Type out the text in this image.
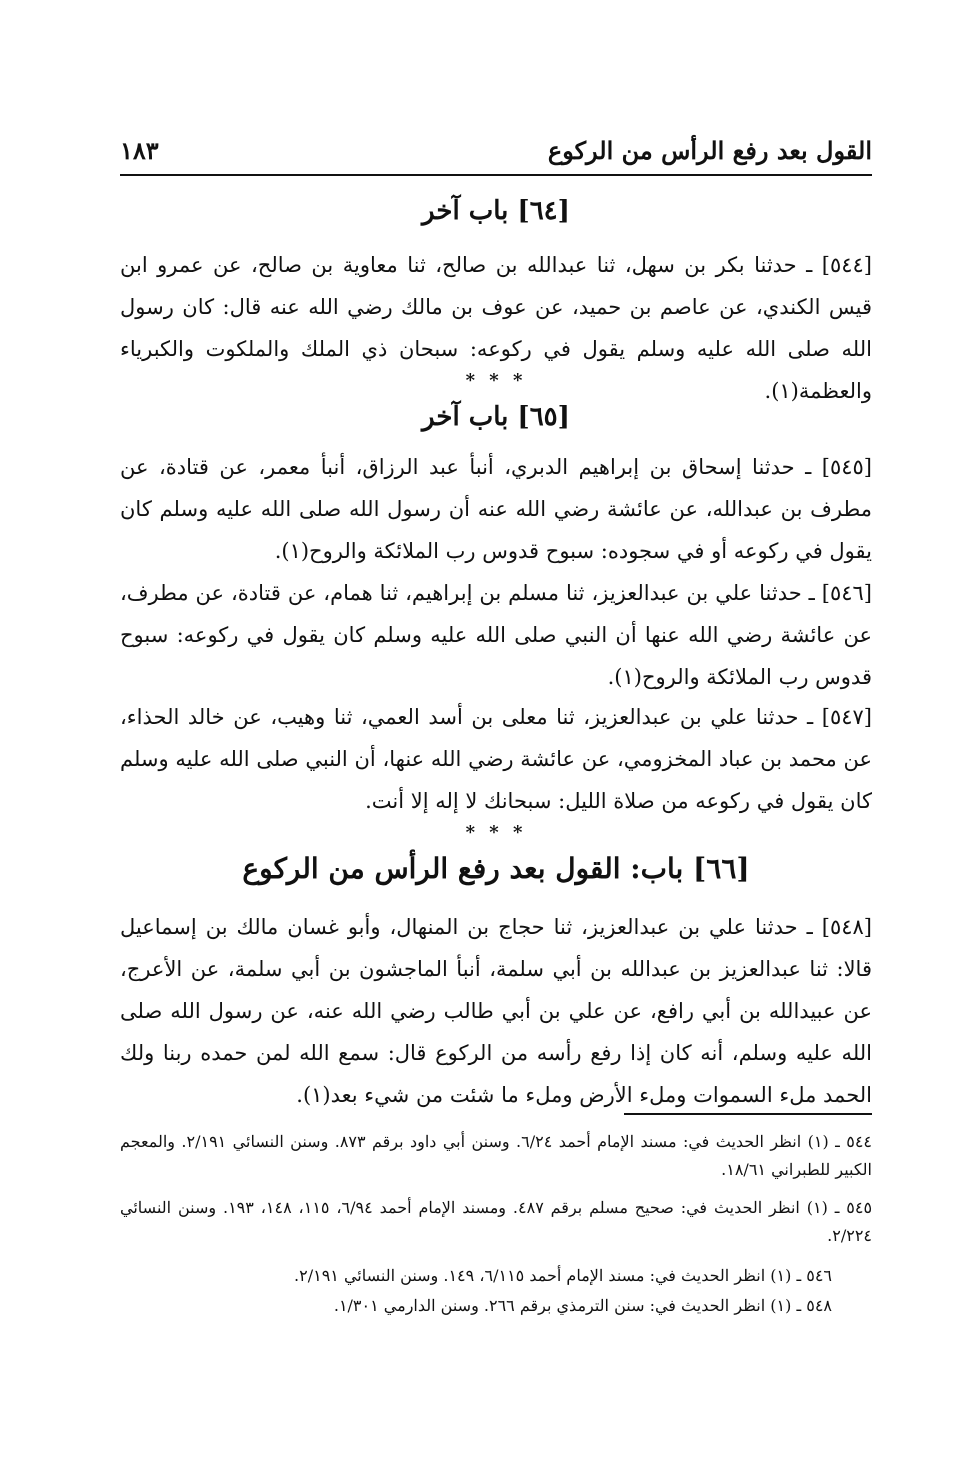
القول بعد رفع الرأس من الركوع
١٨٣
[٦٤] باب آخر
[٥٤٤] ـ حدثنا بكر بن سهل، ثنا عبدالله بن صالح، ثنا معاوية بن صالح، عن عمرو ابن قيس الكندي، عن عاصم بن حميد، عن عوف بن مالك رضي الله عنه قال: كان رسول الله صلى الله عليه وسلم يقول في ركوعه: سبحان ذي الملك والملكوت والكبرياء والعظمة(١).
* * *
[٦٥] باب آخر
[٥٤٥] ـ حدثنا إسحاق بن إبراهيم الدبري، أنبأ عبد الرزاق، أنبأ معمر، عن قتادة، عن مطرف بن عبدالله، عن عائشة رضي الله عنه أن رسول الله صلى الله عليه وسلم كان يقول في ركوعه أو في سجوده: سبوح قدوس رب الملائكة والروح(١).
[٥٤٦] ـ حدثنا علي بن عبدالعزيز، ثنا مسلم بن إبراهيم، ثنا همام، عن قتادة، عن مطرف، عن عائشة رضي الله عنها أن النبي صلى الله عليه وسلم كان يقول في ركوعه: سبوح قدوس رب الملائكة والروح(١).
[٥٤٧] ـ حدثنا علي بن عبدالعزيز، ثنا معلى بن أسد العمي، ثنا وهيب، عن خالد الحذاء، عن محمد بن عباد المخزومي، عن عائشة رضي الله عنها، أن النبي صلى الله عليه وسلم كان يقول في ركوعه من صلاة الليل: سبحانك لا إله إلا أنت.
* * *
[٦٦] باب: القول بعد رفع الرأس من الركوع
[٥٤٨] ـ حدثنا علي بن عبدالعزيز، ثنا حجاج بن المنهال، وأبو غسان مالك بن إسماعيل قالا: ثنا عبدالعزيز بن عبدالله بن أبي سلمة، أنبأ الماجشون بن أبي سلمة، عن الأعرج، عن عبيدالله بن أبي رافع، عن علي بن أبي طالب رضي الله عنه، عن رسول الله صلى الله عليه وسلم، أنه كان إذا رفع رأسه من الركوع قال: سمع الله لمن حمده ربنا ولك الحمد ملء السموات وملء الأرض وملء ما شئت من شيء بعد(١).
٥٤٤ ـ (١) انظر الحديث في: مسند الإمام أحمد ٦/٢٤. وسنن أبي داود برقم ٨٧٣. وسنن النسائي ٢/١٩١. والمعجم الكبير للطبراني ١٨/٦١.
٥٤٥ ـ (١) انظر الحديث في: صحيح مسلم برقم ٤٨٧. ومسند الإمام أحمد ٦/٩٤، ١١٥، ١٤٨، ١٩٣. وسنن النسائي ٢/٢٢٤.
٥٤٦ ـ (١) انظر الحديث في: مسند الإمام أحمد ٦/١١٥، ١٤٩. وسنن النسائي ٢/١٩١.
٥٤٨ ـ (١) انظر الحديث في: سنن الترمذي برقم ٢٦٦. وسنن الدارمي ١/٣٠١.
